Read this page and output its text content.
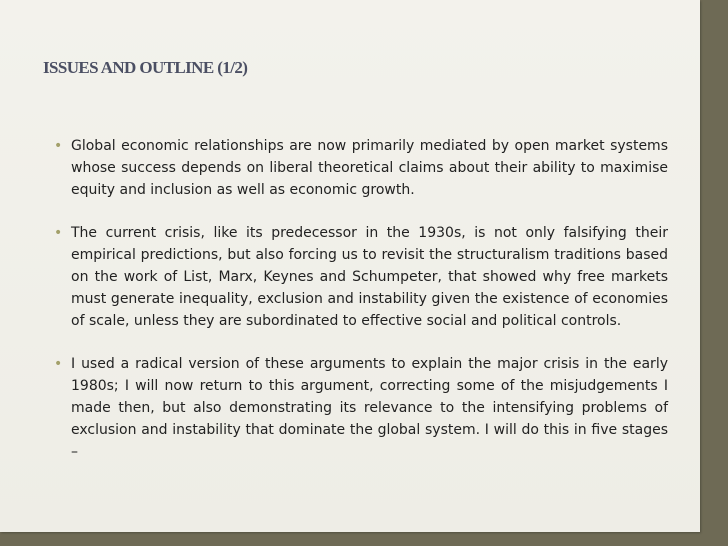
ISSUES AND OUTLINE (1/2)
• Global economic relationships are now primarily mediated by open market systems whose success depends on liberal theoretical claims about their ability to maximise equity and inclusion as well as economic growth.
• The current crisis, like its predecessor in the 1930s, is not only falsifying their empirical predictions, but also forcing us to revisit the structuralism traditions based on the work of List, Marx, Keynes and Schumpeter, that showed why free markets must generate inequality, exclusion and instability given the existence of economies of scale, unless they are subordinated to effective social and political controls.
• I used a radical version of these arguments to explain the major crisis in the early 1980s; I will now return to this argument, correcting some of the misjudgements I made then, but also demonstrating its relevance to the intensifying problems of exclusion and instability that dominate the global system. I will do this in five stages –
